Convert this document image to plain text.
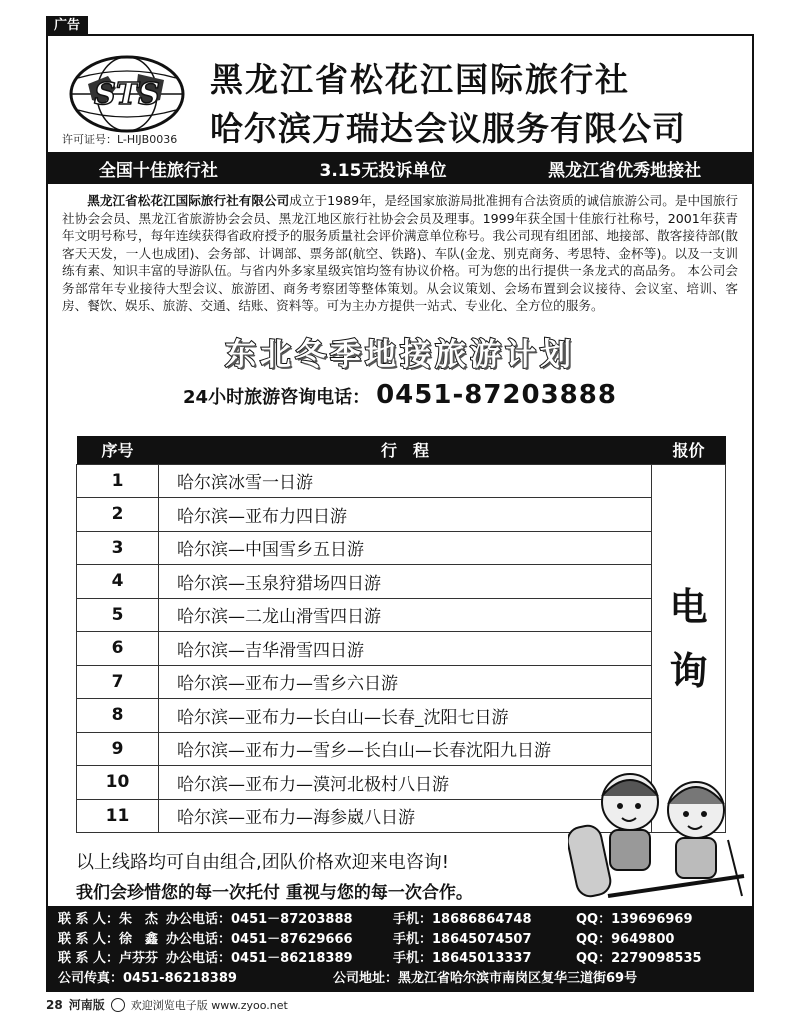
广告
STS
许可证号：L-HIJB0036
黑龙江省松花江国际旅行社
哈尔滨万瑞达会议服务有限公司
全国十佳旅行社	3.15无投诉单位	黑龙江省优秀地接社
  黑龙江省松花江国际旅行社有限公司成立于1989年，是经国家旅游局批准拥有合法资质的诚信旅游公司。是中国旅行社协会会员、黑龙江省旅游协会会员、黑龙江地区旅行社协会会员及理事。1999年获全国十佳旅行社称号，2001年获青年文明号称号，每年连续获得省政府授予的服务质量社会评价满意单位称号。我公司现有组团部、地接部、散客接待部(散客天天发，一人也成团)、会务部、计调部、票务部(航空、铁路)、车队(金龙、别克商务、考思特、金杯等)。以及一支训练有素、知识丰富的导游队伍。与省内外多家星级宾馆均签有协议价格。可为您的出行提供一条龙式的高品务。 本公司会务部常年专业接待大型会议、旅游团、商务考察团等整体策划。从会议策划、会场布置到会议接待、会议室、培训、客房、餐饮、娱乐、旅游、交通、结账、资料等。可为主办方提供一站式、专业化、全方位的服务。
东北冬季地接旅游计划
24小时旅游咨询电话： 0451-87203888
序号	行　程	报价
1	哈尔滨冰雪一日游	电
询
2	哈尔滨—亚布力四日游	
3	哈尔滨—中国雪乡五日游	
4	哈尔滨—玉泉狩猎场四日游	
5	哈尔滨—二龙山滑雪四日游	
6	哈尔滨—吉华滑雪四日游	
7	哈尔滨—亚布力—雪乡六日游	
8	哈尔滨—亚布力—长白山—长春_沈阳七日游	
9	哈尔滨—亚布力—雪乡—长白山—长春沈阳九日游	
10	哈尔滨—亚布力—漠河北极村八日游	
11	哈尔滨—亚布力—海参崴八日游	
以上线路均可自由组合,团队价格欢迎来电咨询!
我们会珍惜您的每一次托付 重视与您的每一次合作。
联 系 人：朱　杰 办公电话：0451－87203888	手机：18686864748	QQ：139696969
联 系 人：徐　鑫 办公电话：0451－87629666	手机：18645074507	QQ：9649800
联 系 人：卢芬芬 办公电话：0451－86218389	手机：18645013337	QQ：2279098535
公司传真：0451-86218389	公司地址：黑龙江省哈尔滨市南岗区复华三道街69号
28 河南版 欢迎浏览电子版 www.zyoo.net
